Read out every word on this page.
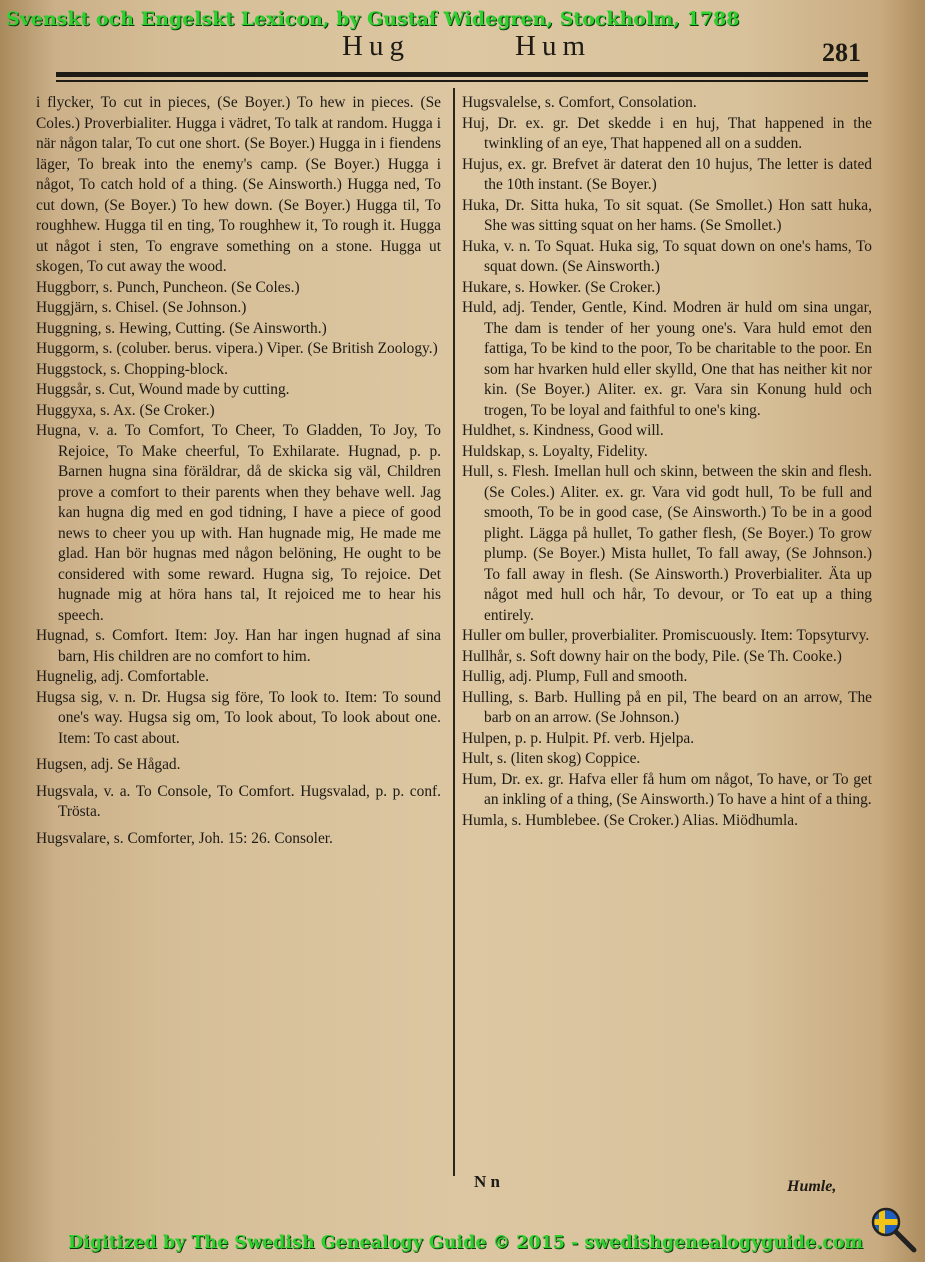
Svenskt och Engelskt Lexicon, by Gustaf Widegren, Stockholm, 1788
Hug	Hum	281

i flycker, To cut in pieces, (Se Boyer.) To hew in pieces. (Se Coles.) Proverbialiter. Hugga i vädret, To talk at random. Hugga i när någon talar, To cut one short. (Se Boyer.) Hugga in i fiendens läger, To break into the enemy's camp. (Se Boyer.) Hugga i något, To catch hold of a thing. (Se Ainsworth.) Hugga ned, To cut down, (Se Boyer.) To hew down. (Se Boyer.) Hugga til, To roughhew. Hugga til en ting, To roughhew it, To rough it. Hugga ut något i sten, To engrave something on a stone. Hugga ut skogen, To cut away the wood.

Huggborr, s. Punch, Puncheon. (Se Coles.)

Huggjärn, s. Chisel. (Se Johnson.)

Huggning, s. Hewing, Cutting. (Se Ainsworth.)

Huggorm, s. (coluber. berus. vipera.) Viper. (Se British Zoology.)

Huggstock, s. Chopping-block.

Huggsår, s. Cut, Wound made by cutting.

Huggyxa, s. Ax. (Se Croker.)

Hugna, v. a. To Comfort, To Cheer, To Gladden, To Joy, To Rejoice, To Make cheerful, To Exhilarate. Hugnad, p. p. Barnen hugna sina föräldrar, då de skicka sig väl, Children prove a comfort to their parents when they behave well. Jag kan hugna dig med en god tidning, I have a piece of good news to cheer you up with. Han hugnade mig, He made me glad. Han bör hugnas med någon belöning, He ought to be considered with some reward. Hugna sig, To rejoice. Det hugnade mig at höra hans tal, It rejoiced me to hear his speech.

Hugnad, s. Comfort. Item: Joy. Han har ingen hugnad af sina barn, His children are no comfort to him.

Hugnelig, adj. Comfortable.

Hugsa sig, v. n. Dr. Hugsa sig före, To look to. Item: To sound one's way. Hugsa sig om, To look about, To look about one. Item: To cast about.

Hugsen, adj. Se Hågad.

Hugsvala, v. a. To Console, To Comfort. Hugsvalad, p. p. conf. Trösta.

Hugsvalare, s. Comforter, Joh. 15: 26. Consoler.

Hugsvalelse, s. Comfort, Consolation.

Huj, Dr. ex. gr. Det skedde i en huj, That happened in the twinkling of an eye, That happened all on a sudden.

Hujus, ex. gr. Brefvet är daterat den 10 hujus, The letter is dated the 10th instant. (Se Boyer.)

Huka, Dr. Sitta huka, To sit squat. (Se Smollet.) Hon satt huka, She was sitting squat on her hams. (Se Smollet.)

Huka, v. n. To Squat. Huka sig, To squat down on one's hams, To squat down. (Se Ainsworth.)

Hukare, s. Howker. (Se Croker.)

Huld, adj. Tender, Gentle, Kind. Modren är huld om sina ungar, The dam is tender of her young one's. Vara huld emot den fattiga, To be kind to the poor, To be charitable to the poor. En som har hvarken huld eller skylld, One that has neither kit nor kin. (Se Boyer.) Aliter. ex. gr. Vara sin Konung huld och trogen, To be loyal and faithful to one's king.

Huldhet, s. Kindness, Good will.

Huldskap, s. Loyalty, Fidelity.

Hull, s. Flesh. Imellan hull och skinn, between the skin and flesh. (Se Coles.) Aliter. ex. gr. Vara vid godt hull, To be full and smooth, To be in good case, (Se Ainsworth.) To be in a good plight. Lägga på hullet, To gather flesh, (Se Boyer.) To grow plump. (Se Boyer.) Mista hullet, To fall away, (Se Johnson.) To fall away in flesh. (Se Ainsworth.) Proverbialiter. Äta up något med hull och hår, To devour, or To eat up a thing entirely.

Huller om buller, proverbialiter. Promiscuously. Item: Topsyturvy.

Hullhår, s. Soft downy hair on the body, Pile. (Se Th. Cooke.)

Hullig, adj. Plump, Full and smooth.

Hulling, s. Barb. Hulling på en pil, The beard on an arrow, The barb on an arrow. (Se Johnson.)

Hulpen, p. p. Hulpit. Pf. verb. Hjelpa.

Hult, s. (liten skog) Coppice.

Hum, Dr. ex. gr. Hafva eller få hum om något, To have, or To get an inkling of a thing, (Se Ainsworth.) To have a hint of a thing.

Humla, s. Humblebee. (Se Croker.) Alias. Miödhumla.

N n	Humle,
Digitized by The Swedish Genealogy Guide © 2015 - swedishgenealogyguide.com
